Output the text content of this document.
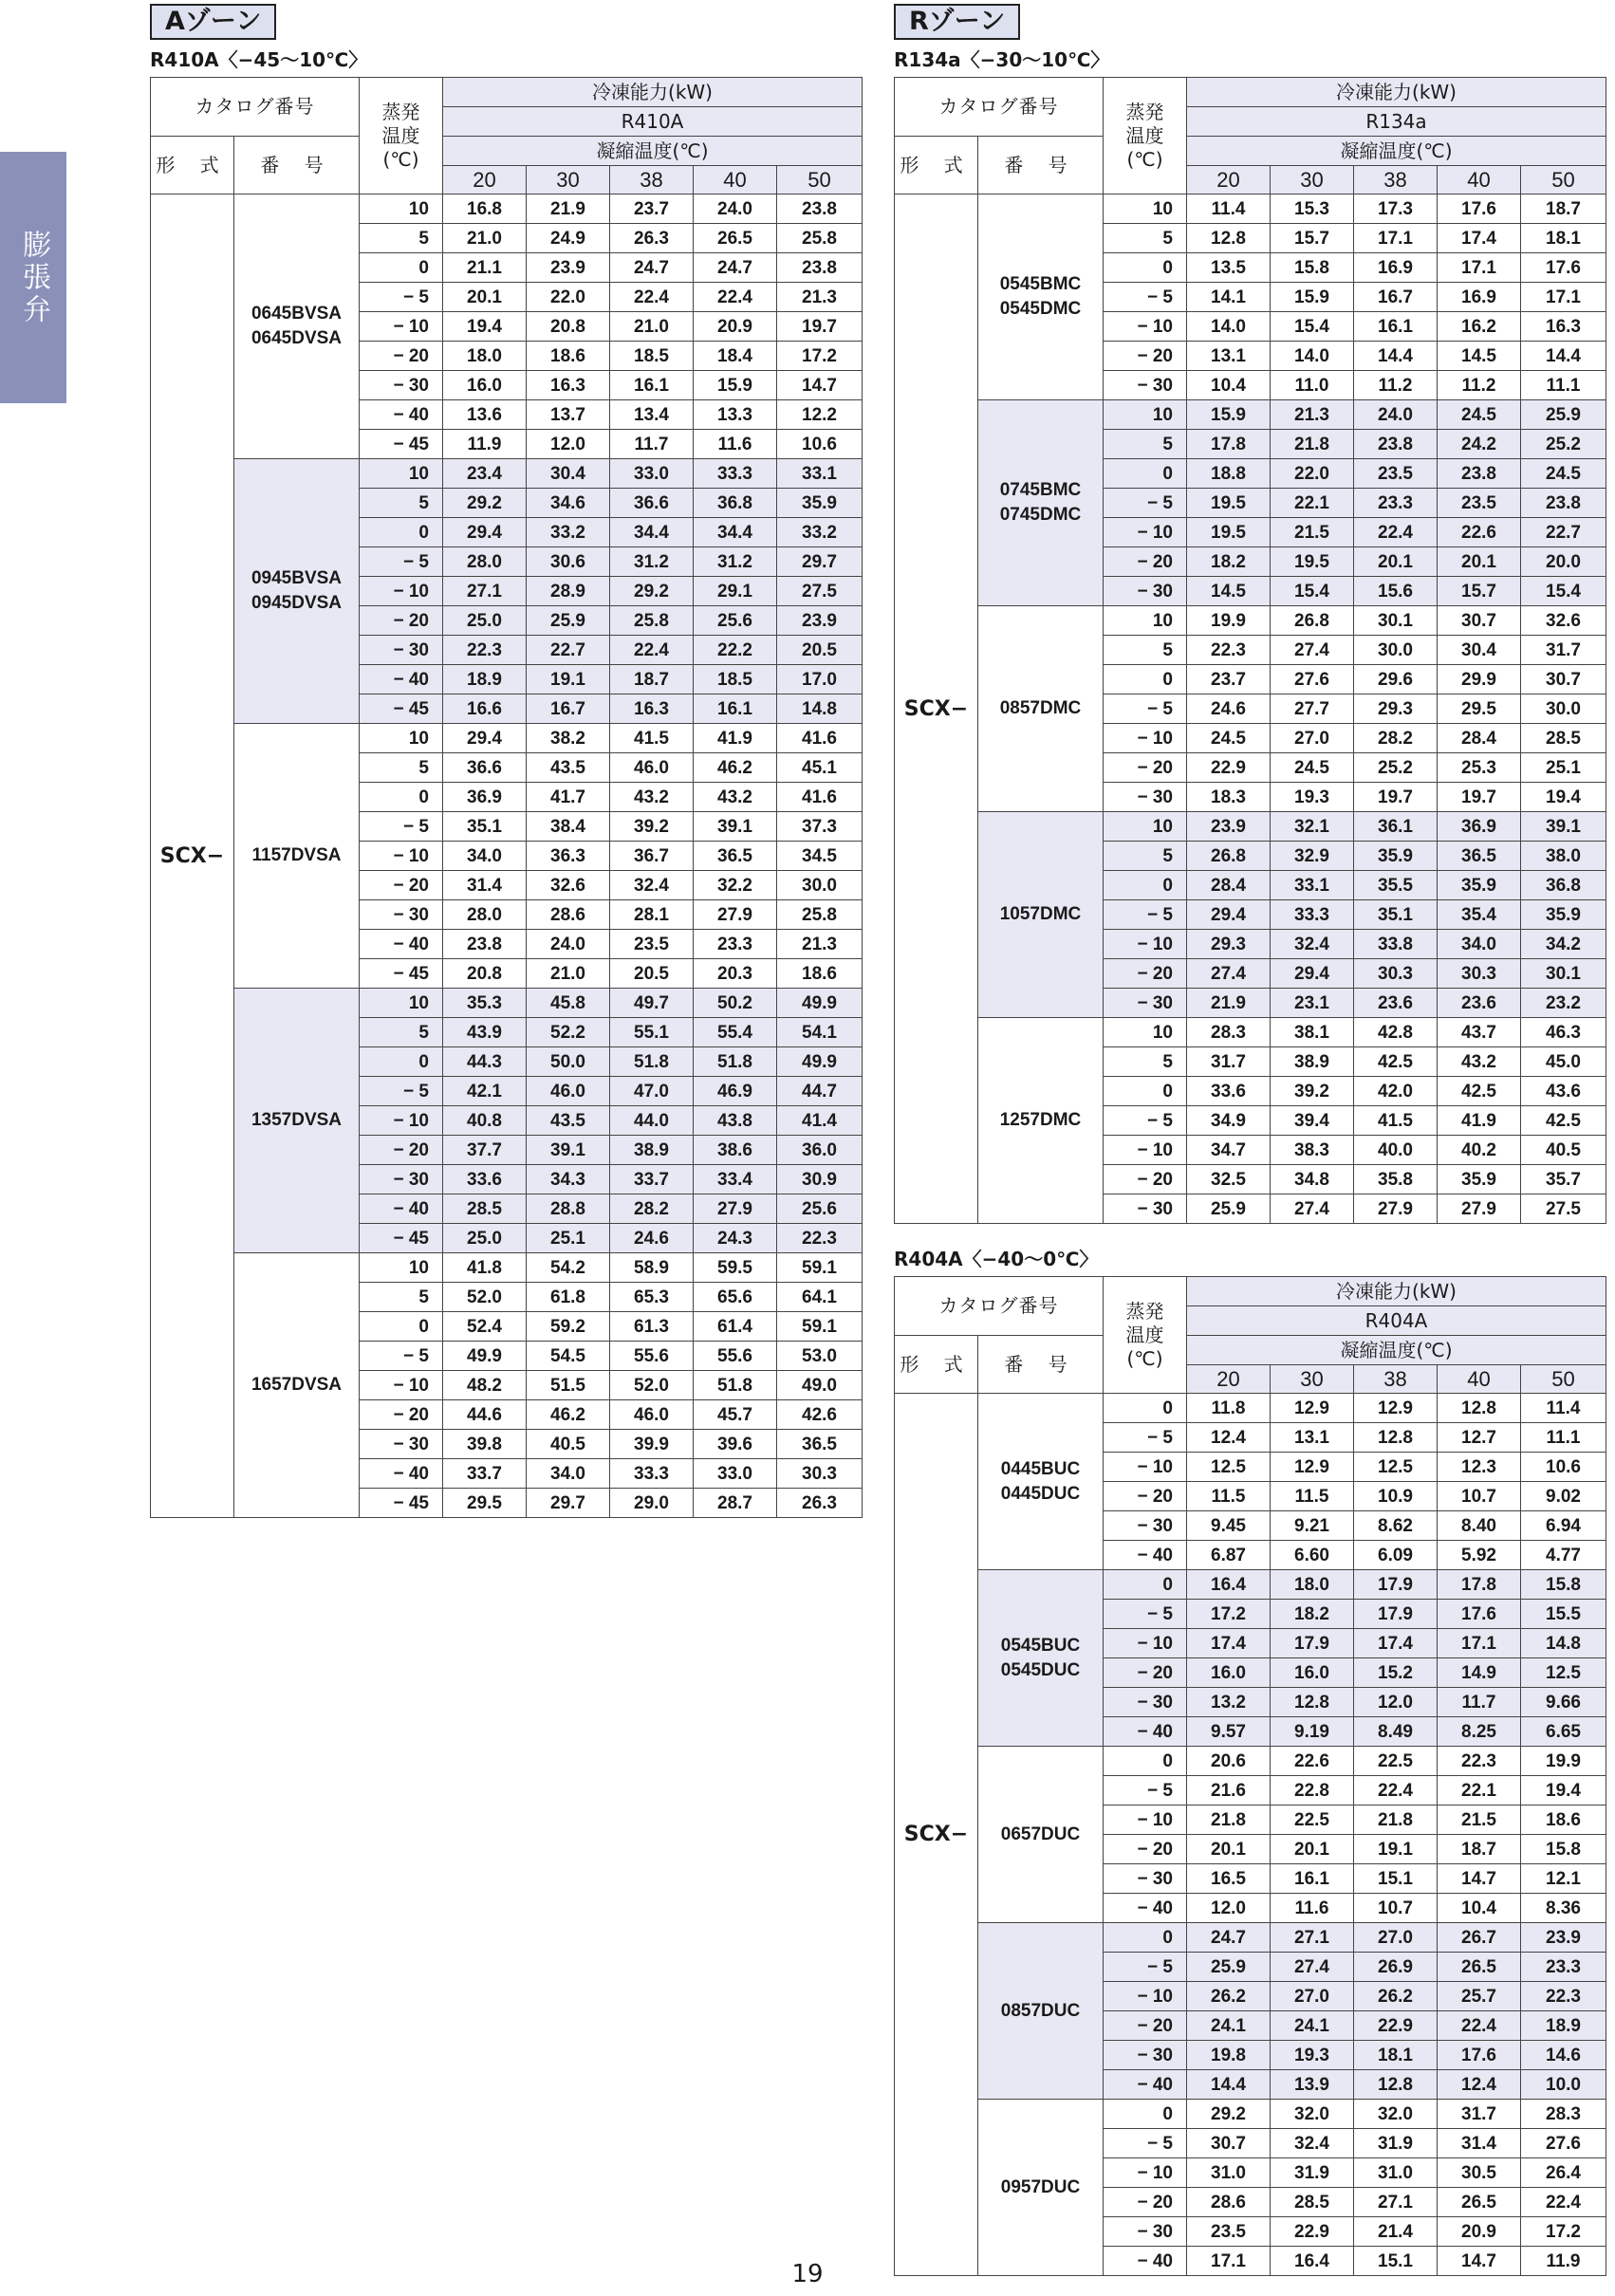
膨張弁
Aゾーン
R410A〈−45〜10℃〉
カタログ番号		蒸発
温度
(℃)	冷凍能力(kW)				
			R410A				
形 式	番 号		凝縮温度(℃)				
			20	30	38	40	50
SCX−	0645BVSA
0645DVSA	10	16.8	21.9	23.7	24.0	23.8
		5	21.0	24.9	26.3	26.5	25.8
		0	21.1	23.9	24.7	24.7	23.8
		− 5	20.1	22.0	22.4	22.4	21.3
		− 10	19.4	20.8	21.0	20.9	19.7
		− 20	18.0	18.6	18.5	18.4	17.2
		− 30	16.0	16.3	16.1	15.9	14.7
		− 40	13.6	13.7	13.4	13.3	12.2
		− 45	11.9	12.0	11.7	11.6	10.6

	0945BVSA
0945DVSA	10	23.4	30.4	33.0	33.3	33.1
		5	29.2	34.6	36.6	36.8	35.9
		0	29.4	33.2	34.4	34.4	33.2
		− 5	28.0	30.6	31.2	31.2	29.7
		− 10	27.1	28.9	29.2	29.1	27.5
		− 20	25.0	25.9	25.8	25.6	23.9
		− 30	22.3	22.7	22.4	22.2	20.5
		− 40	18.9	19.1	18.7	18.5	17.0
		− 45	16.6	16.7	16.3	16.1	14.8

	1157DVSA	10	29.4	38.2	41.5	41.9	41.6
		5	36.6	43.5	46.0	46.2	45.1
		0	36.9	41.7	43.2	43.2	41.6
		− 5	35.1	38.4	39.2	39.1	37.3
		− 10	34.0	36.3	36.7	36.5	34.5
		− 20	31.4	32.6	32.4	32.2	30.0
		− 30	28.0	28.6	28.1	27.9	25.8
		− 40	23.8	24.0	23.5	23.3	21.3
		− 45	20.8	21.0	20.5	20.3	18.6

	1357DVSA	10	35.3	45.8	49.7	50.2	49.9
		5	43.9	52.2	55.1	55.4	54.1
		0	44.3	50.0	51.8	51.8	49.9
		− 5	42.1	46.0	47.0	46.9	44.7
		− 10	40.8	43.5	44.0	43.8	41.4
		− 20	37.7	39.1	38.9	38.6	36.0
		− 30	33.6	34.3	33.7	33.4	30.9
		− 40	28.5	28.8	28.2	27.9	25.6
		− 45	25.0	25.1	24.6	24.3	22.3

	1657DVSA	10	41.8	54.2	58.9	59.5	59.1
		5	52.0	61.8	65.3	65.6	64.1
		0	52.4	59.2	61.3	61.4	59.1
		− 5	49.9	54.5	55.6	55.6	53.0
		− 10	48.2	51.5	52.0	51.8	49.0
		− 20	44.6	46.2	46.0	45.7	42.6
		− 30	39.8	40.5	39.9	39.6	36.5
		− 40	33.7	34.0	33.3	33.0	30.3
		− 45	29.5	29.7	29.0	28.7	26.3
Rゾーン
R134a〈−30〜10℃〉
カタログ番号		蒸発
温度
(℃)	冷凍能力(kW)				
			R134a				
形 式	番 号		凝縮温度(℃)				
			20	30	38	40	50
SCX−	0545BMC
0545DMC	10	11.4	15.3	17.3	17.6	18.7
		5	12.8	15.7	17.1	17.4	18.1
		0	13.5	15.8	16.9	17.1	17.6
		− 5	14.1	15.9	16.7	16.9	17.1
		− 10	14.0	15.4	16.1	16.2	16.3
		− 20	13.1	14.0	14.4	14.5	14.4
		− 30	10.4	11.0	11.2	11.2	11.1

	0745BMC
0745DMC	10	15.9	21.3	24.0	24.5	25.9
		5	17.8	21.8	23.8	24.2	25.2
		0	18.8	22.0	23.5	23.8	24.5
		− 5	19.5	22.1	23.3	23.5	23.8
		− 10	19.5	21.5	22.4	22.6	22.7
		− 20	18.2	19.5	20.1	20.1	20.0
		− 30	14.5	15.4	15.6	15.7	15.4

	0857DMC	10	19.9	26.8	30.1	30.7	32.6
		5	22.3	27.4	30.0	30.4	31.7
		0	23.7	27.6	29.6	29.9	30.7
		− 5	24.6	27.7	29.3	29.5	30.0
		− 10	24.5	27.0	28.2	28.4	28.5
		− 20	22.9	24.5	25.2	25.3	25.1
		− 30	18.3	19.3	19.7	19.7	19.4

	1057DMC	10	23.9	32.1	36.1	36.9	39.1
		5	26.8	32.9	35.9	36.5	38.0
		0	28.4	33.1	35.5	35.9	36.8
		− 5	29.4	33.3	35.1	35.4	35.9
		− 10	29.3	32.4	33.8	34.0	34.2
		− 20	27.4	29.4	30.3	30.3	30.1
		− 30	21.9	23.1	23.6	23.6	23.2

	1257DMC	10	28.3	38.1	42.8	43.7	46.3
		5	31.7	38.9	42.5	43.2	45.0
		0	33.6	39.2	42.0	42.5	43.6
		− 5	34.9	39.4	41.5	41.9	42.5
		− 10	34.7	38.3	40.0	40.2	40.5
		− 20	32.5	34.8	35.8	35.9	35.7
		− 30	25.9	27.4	27.9	27.9	27.5
R404A〈−40〜0℃〉
カタログ番号		蒸発
温度
(℃)	冷凍能力(kW)				
			R404A				
形 式	番 号		凝縮温度(℃)				
			20	30	38	40	50
SCX−	0445BUC
0445DUC	0	11.8	12.9	12.9	12.8	11.4
		− 5	12.4	13.1	12.8	12.7	11.1
		− 10	12.5	12.9	12.5	12.3	10.6
		− 20	11.5	11.5	10.9	10.7	9.02
		− 30	9.45	9.21	8.62	8.40	6.94
		− 40	6.87	6.60	6.09	5.92	4.77

	0545BUC
0545DUC	0	16.4	18.0	17.9	17.8	15.8
		− 5	17.2	18.2	17.9	17.6	15.5
		− 10	17.4	17.9	17.4	17.1	14.8
		− 20	16.0	16.0	15.2	14.9	12.5
		− 30	13.2	12.8	12.0	11.7	9.66
		− 40	9.57	9.19	8.49	8.25	6.65

	0657DUC	0	20.6	22.6	22.5	22.3	19.9
		− 5	21.6	22.8	22.4	22.1	19.4
		− 10	21.8	22.5	21.8	21.5	18.6
		− 20	20.1	20.1	19.1	18.7	15.8
		− 30	16.5	16.1	15.1	14.7	12.1
		− 40	12.0	11.6	10.7	10.4	8.36

	0857DUC	0	24.7	27.1	27.0	26.7	23.9
		− 5	25.9	27.4	26.9	26.5	23.3
		− 10	26.2	27.0	26.2	25.7	22.3
		− 20	24.1	24.1	22.9	22.4	18.9
		− 30	19.8	19.3	18.1	17.6	14.6
		− 40	14.4	13.9	12.8	12.4	10.0

	0957DUC	0	29.2	32.0	32.0	31.7	28.3
		− 5	30.7	32.4	31.9	31.4	27.6
		− 10	31.0	31.9	31.0	30.5	26.4
		− 20	28.6	28.5	27.1	26.5	22.4
		− 30	23.5	22.9	21.4	20.9	17.2
		− 40	17.1	16.4	15.1	14.7	11.9
19
